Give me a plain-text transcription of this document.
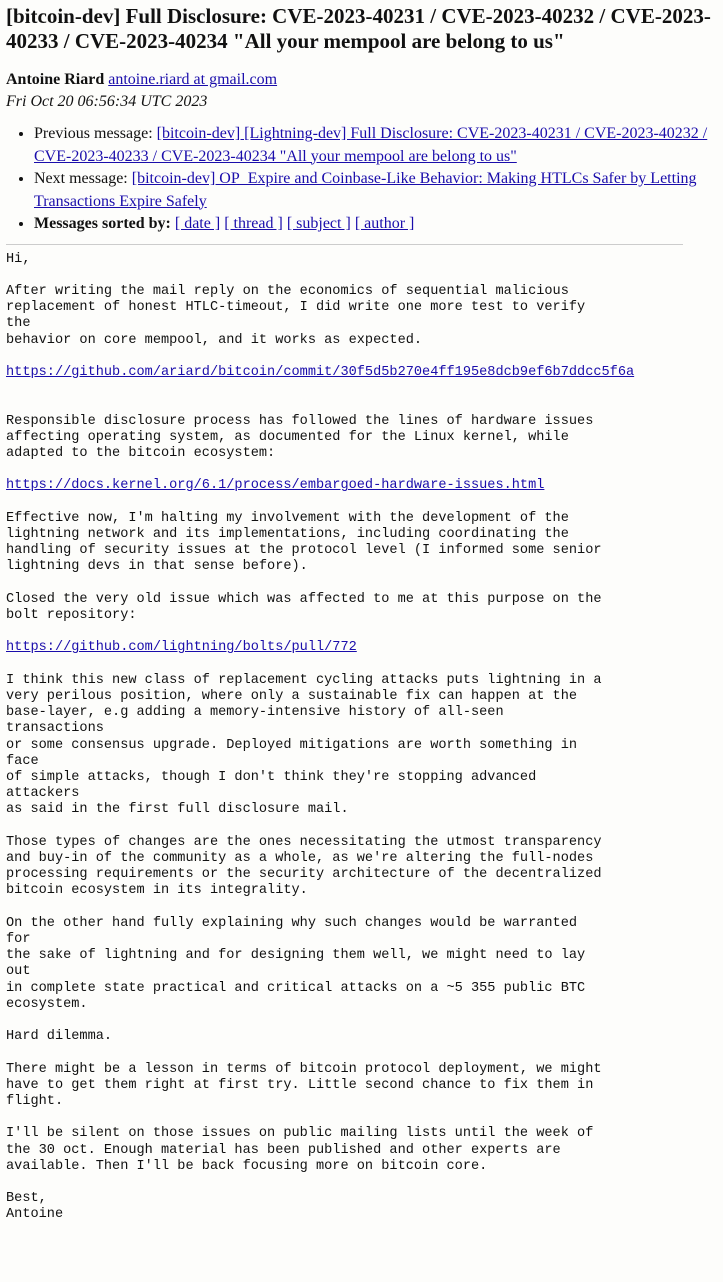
[bitcoin-dev] Full Disclosure: CVE-2023-40231 / CVE-2023-40232 / CVE-2023-40233 / CVE-2023-40234 "All your mempool are belong to us"
Antoine Riard antoine.riard at gmail.com
Fri Oct 20 06:56:34 UTC 2023
• Previous message: [bitcoin-dev] [Lightning-dev] Full Disclosure: CVE-2023-40231 / CVE-2023-40232 / CVE-2023-40233 / CVE-2023-40234 "All your mempool are belong to us"
• Next message: [bitcoin-dev] OP_Expire and Coinbase-Like Behavior: Making HTLCs Safer by Letting Transactions Expire Safely
• Messages sorted by: [ date ] [ thread ] [ subject ] [ author ]
Hi,

After writing the mail reply on the economics of sequential malicious
replacement of honest HTLC-timeout, I did write one more test to verify
the
behavior on core mempool, and it works as expected.

https://github.com/ariard/bitcoin/commit/30f5d5b270e4ff195e8dcb9ef6b7ddcc5f6a

Responsible disclosure process has followed the lines of hardware issues
affecting operating system, as documented for the Linux kernel, while
adapted to the bitcoin ecosystem:

https://docs.kernel.org/6.1/process/embargoed-hardware-issues.html

Effective now, I'm halting my involvement with the development of the
lightning network and its implementations, including coordinating the
handling of security issues at the protocol level (I informed some senior
lightning devs in that sense before).

Closed the very old issue which was affected to me at this purpose on the
bolt repository:

https://github.com/lightning/bolts/pull/772

I think this new class of replacement cycling attacks puts lightning in a
very perilous position, where only a sustainable fix can happen at the
base-layer, e.g adding a memory-intensive history of all-seen
transactions
or some consensus upgrade. Deployed mitigations are worth something in
face
of simple attacks, though I don't think they're stopping advanced
attackers
as said in the first full disclosure mail.

Those types of changes are the ones necessitating the utmost transparency
and buy-in of the community as a whole, as we're altering the full-nodes
processing requirements or the security architecture of the decentralized
bitcoin ecosystem in its integrality.

On the other hand fully explaining why such changes would be warranted
for
the sake of lightning and for designing them well, we might need to lay
out
in complete state practical and critical attacks on a ~5 355 public BTC
ecosystem.

Hard dilemma.

There might be a lesson in terms of bitcoin protocol deployment, we might
have to get them right at first try. Little second chance to fix them in
flight.

I'll be silent on those issues on public mailing lists until the week of
the 30 oct. Enough material has been published and other experts are
available. Then I'll be back focusing more on bitcoin core.

Best,
Antoine
